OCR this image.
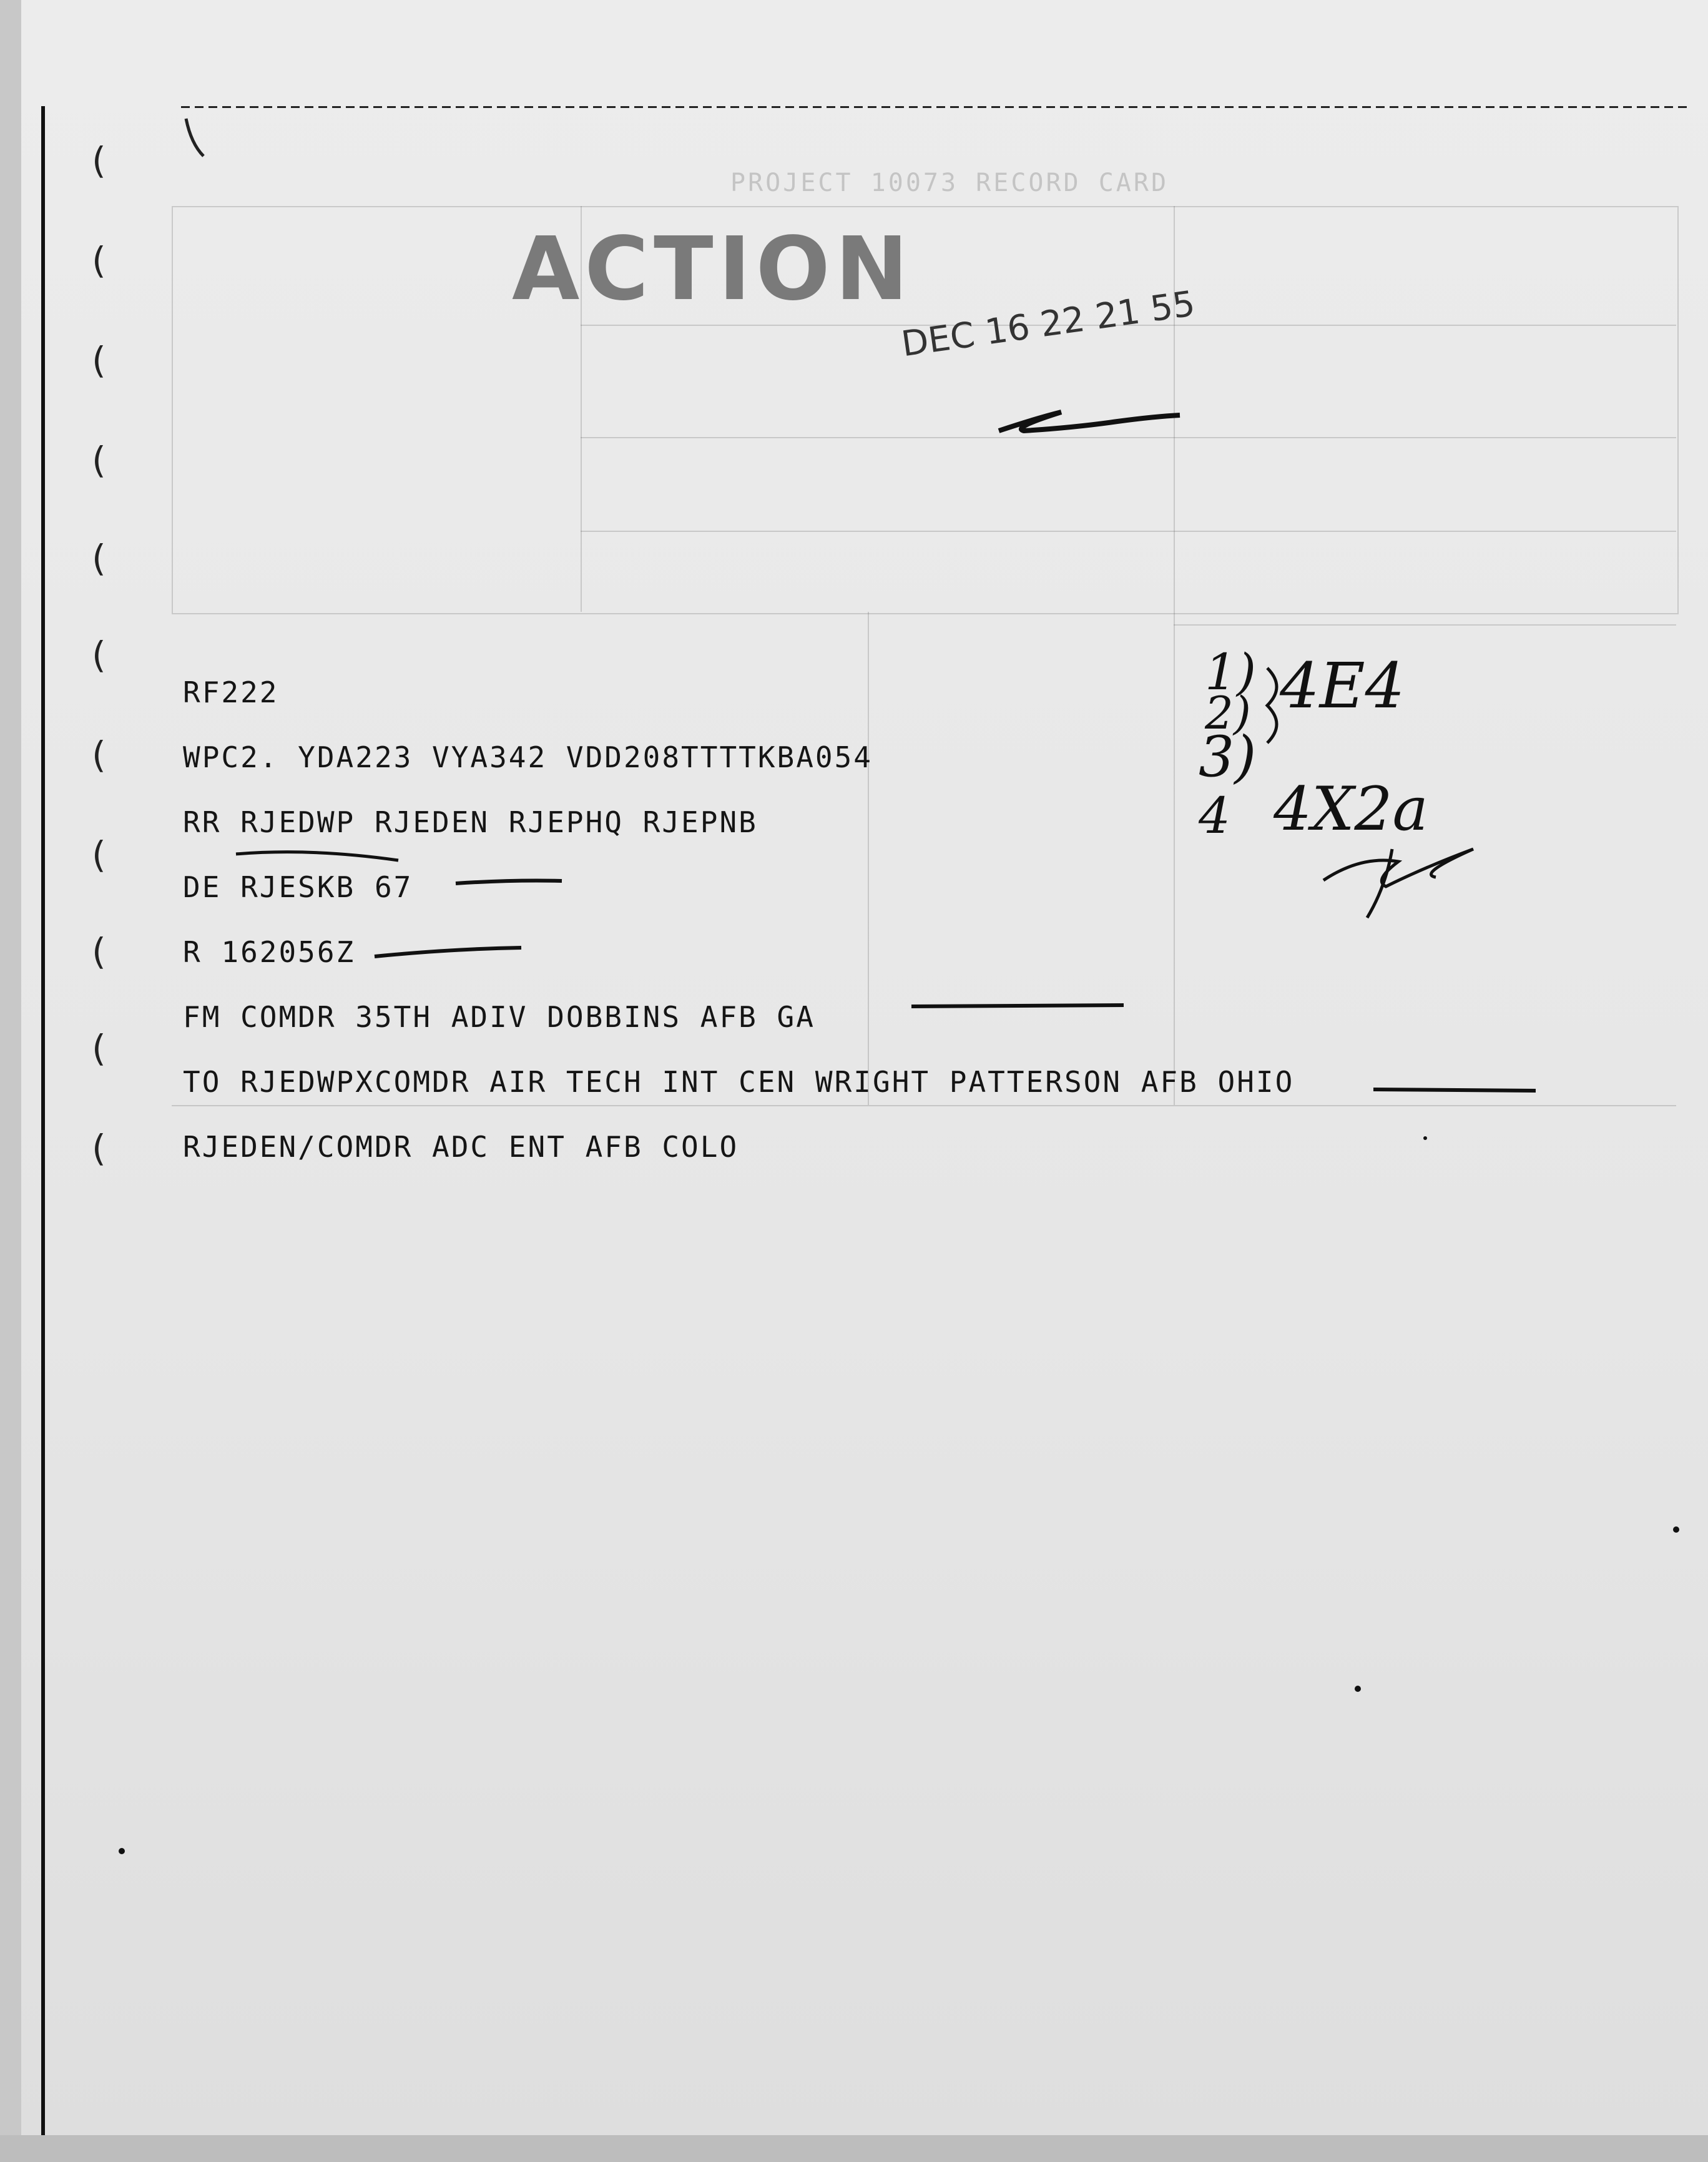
(
(
(
(
(
(
(
(
(
(
(
PROJECT 10073 RECORD CARD
ACTION
DEC 16 22 21 55
1) 4E4
2)
3)
4 4X2a
RF222
WPC2. YDA223 VYA342 VDD208TTTTKBA054
RR RJEDWP RJEDEN RJEPHQ RJEPNB
DE RJESKB 67
R 162056Z
FM COMDR 35TH ADIV DOBBINS AFB GA
TO RJEDWPXCOMDR AIR TECH INT CEN WRIGHT PATTERSON AFB OHIO
RJEDEN/COMDR ADC ENT AFB COLO
